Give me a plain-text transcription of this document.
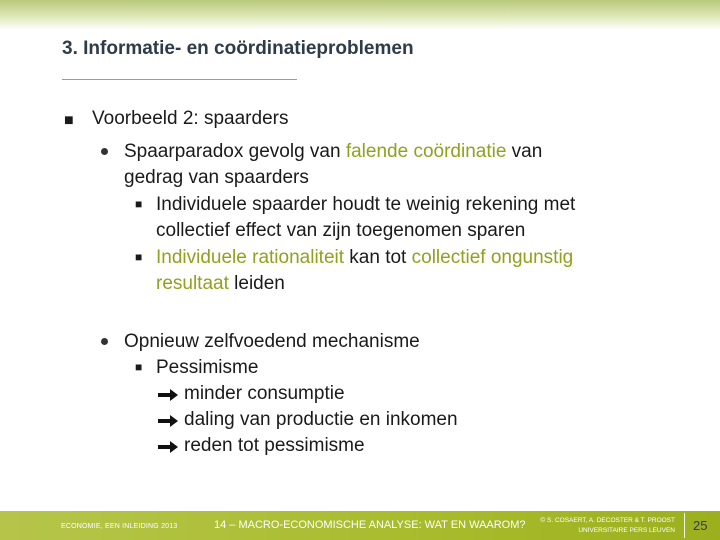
3. Informatie- en coördinatieproblemen
■ Voorbeeld 2: spaarders
Spaarparadox gevolg van falende coördinatie van
gedrag van spaarders
■ Individuele spaarder houdt te weinig rekening met
collectief effect van zijn toegenomen sparen
■ Individuele rationaliteit kan tot collectief ongunstig
resultaat leiden
Opnieuw zelfvoedend mechanisme
■ Pessimisme
minder consumptie
daling van productie en inkomen
reden tot pessimisme
ECONOMIE, EEN INLEIDING 2013	14 – MACRO-ECONOMISCHE ANALYSE: WAT EN WAAROM?	© S. COSAERT, A. DECOSTER & T. PROOST
UNIVERSITAIRE PERS LEUVEN 25
